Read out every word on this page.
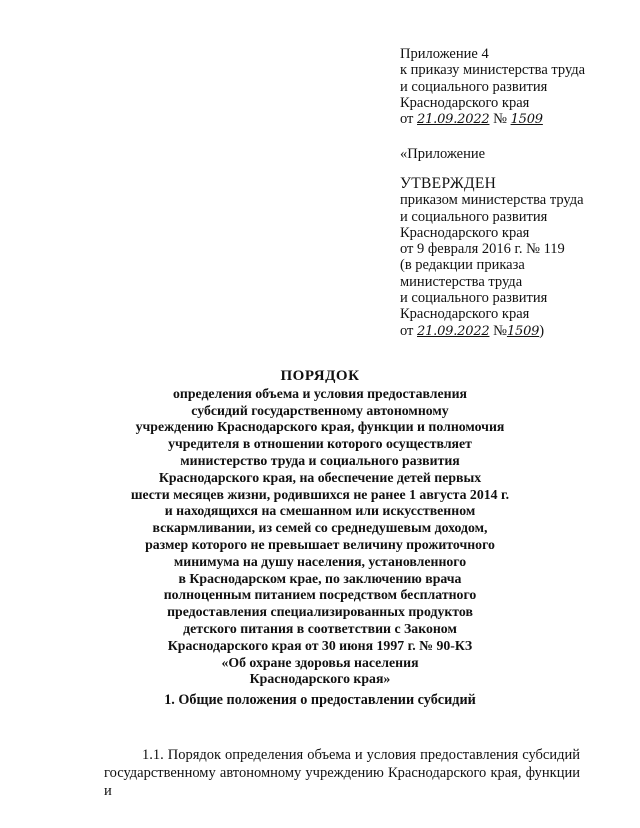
Приложение 4
к приказу министерства труда
и социального развития
Краснодарского края
от 21.09.2022 № 1509
«Приложение
УТВЕРЖДЕН
приказом министерства труда
и социального развития
Краснодарского края
от 9 февраля 2016 г. № 119
(в редакции приказа
министерства труда
и социального развития
Краснодарского края
от 21.09.2022 №1509)
ПОРЯДОК
определения объема и условия предоставления
субсидий государственному автономному
учреждению Краснодарского края, функции и полномочия
учредителя в отношении которого осуществляет
министерство труда и социального развития
Краснодарского края, на обеспечение детей первых
шести месяцев жизни, родившихся не ранее 1 августа 2014 г.
и находящихся на смешанном или искусственном
вскармливании, из семей со среднедушевым доходом,
размер которого не превышает величину прожиточного
минимума на душу населения, установленного
в Краснодарском крае, по заключению врача
полноценным питанием посредством бесплатного
предоставления специализированных продуктов
детского питания в соответствии с Законом
Краснодарского края от 30 июня 1997 г. № 90-КЗ
«Об охране здоровья населения
Краснодарского края»
1. Общие положения о предоставлении субсидий
1.1. Порядок определения объема и условия предоставления субсидий
государственному автономному учреждению Краснодарского края, функции и
